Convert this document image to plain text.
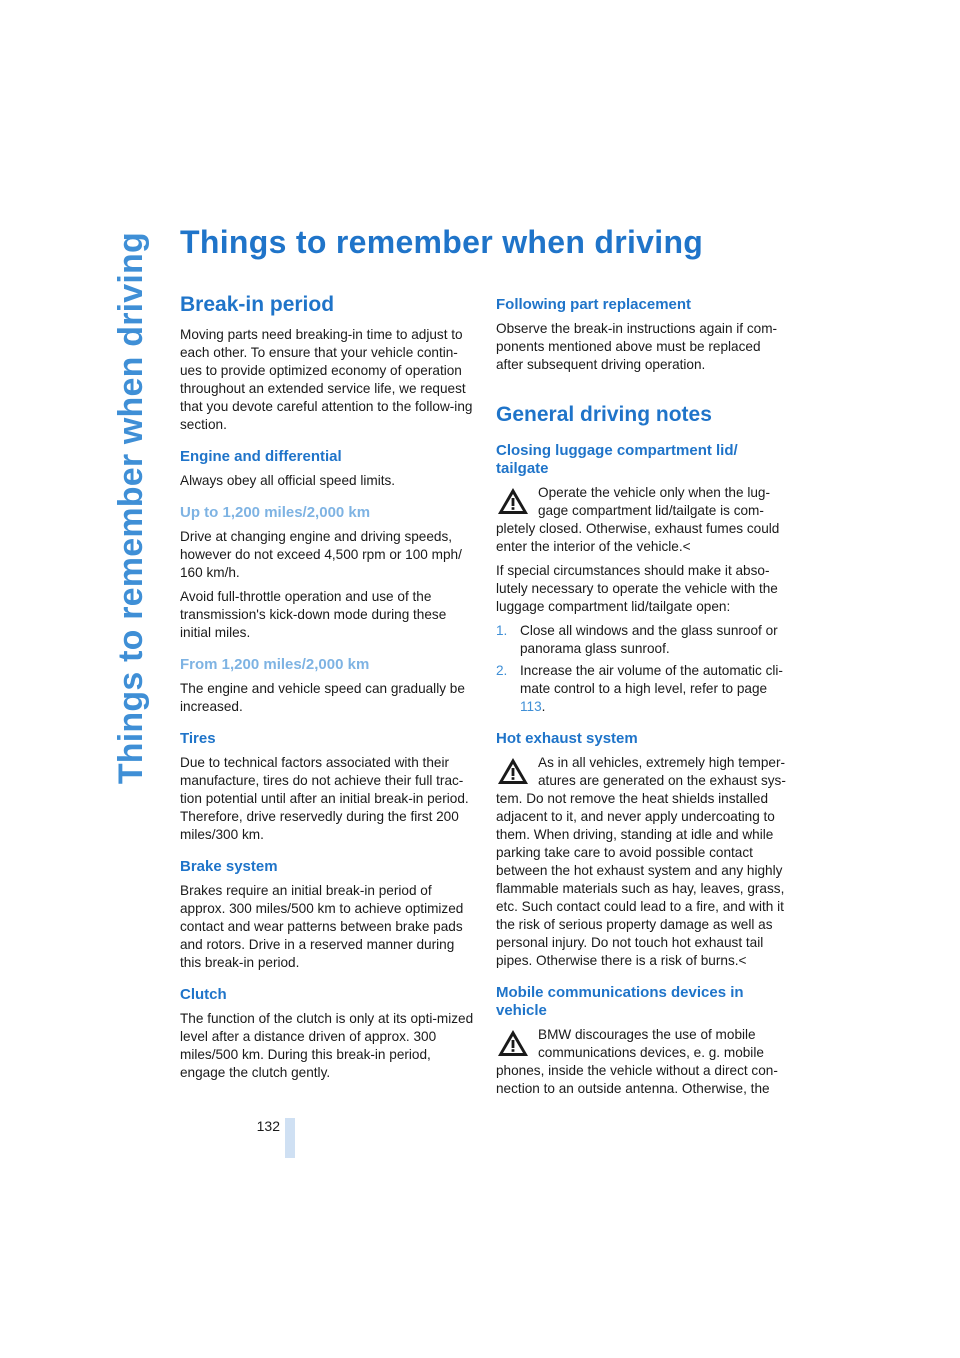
Things to remember when driving Things to remember when driving
Break-in period

Moving parts need breaking-in time to adjust to each other. To ensure that your vehicle contin-ues to provide optimized economy of operation throughout an extended service life, we request that you devote careful attention to the follow-ing section.

Engine and differential

Always obey all official speed limits.

Up to 1,200 miles/2,000 km

Drive at changing engine and driving speeds, however do not exceed 4,500 rpm or 100 mph/ 160 km/h.

Avoid full-throttle operation and use of the transmission's kick-down mode during these initial miles.

From 1,200 miles/2,000 km

The engine and vehicle speed can gradually be increased.

Tires

Due to technical factors associated with their manufacture, tires do not achieve their full trac-tion potential until after an initial break-in period. Therefore, drive reservedly during the first 200 miles/300 km.

Brake system

Brakes require an initial break-in period of approx. 300 miles/500 km to achieve optimized contact and wear patterns between brake pads and rotors. Drive in a reserved manner during this break-in period.

Clutch

The function of the clutch is only at its opti-mized level after a distance driven of approx. 300 miles/500 km. During this break-in period, engage the clutch gently.

Following part replacement

Observe the break-in instructions again if com-ponents mentioned above must be replaced after subsequent driving operation.

General driving notes
Closing luggage compartment lid/ tailgate
Operate the vehicle only when the lug-gage compartment lid/tailgate is com-pletely closed. Otherwise, exhaust fumes could enter the interior of the vehicle.<

If special circumstances should make it abso-lutely necessary to operate the vehicle with the luggage compartment lid/tailgate open:

1. Close all windows and the glass sunroof or panorama glass sunroof.
2. Increase the air volume of the automatic cli-mate control to a high level, refer to page 113.
Hot exhaust system
As in all vehicles, extremely high temper-atures are generated on the exhaust sys-tem. Do not remove the heat shields installed adjacent to it, and never apply undercoating to them. When driving, standing at idle and while parking take care to avoid possible contact between the hot exhaust system and any highly flammable materials such as hay, leaves, grass, etc. Such contact could lead to a fire, and with it the risk of serious property damage as well as personal injury. Do not touch hot exhaust tail pipes. Otherwise there is a risk of burns.<
Mobile communications devices in vehicle
BMW discourages the use of mobile communications devices, e. g. mobile phones, inside the vehicle without a direct con-nection to an outside antenna. Otherwise, the
132
